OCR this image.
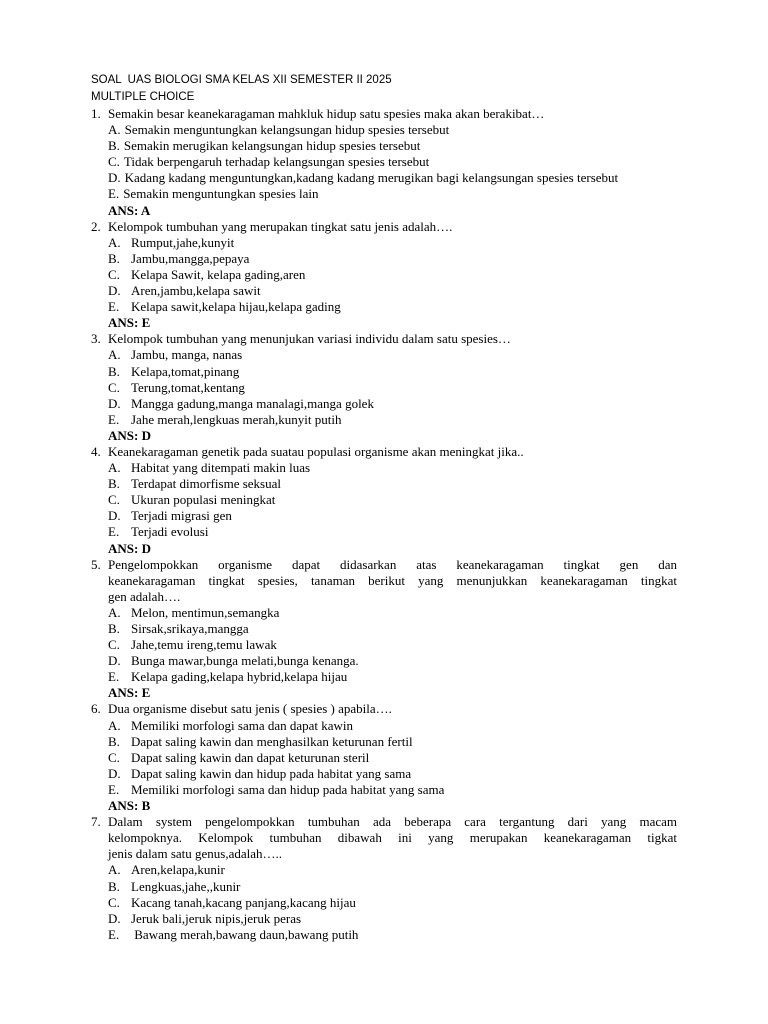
SOAL  UAS BIOLOGI SMA KELAS XII SEMESTER II 2025
MULTIPLE CHOICE
1. Semakin besar keanekaragaman mahkluk hidup satu spesies maka akan berakibat…
A. Semakin menguntungkan kelangsungan hidup spesies tersebut
B. Semakin merugikan kelangsungan hidup spesies tersebut
C. Tidak berpengaruh terhadap kelangsungan spesies tersebut
D. Kadang kadang menguntungkan,kadang kadang merugikan bagi kelangsungan spesies tersebut
E. Semakin menguntungkan spesies lain
ANS: A
2. Kelompok tumbuhan yang merupakan tingkat satu jenis adalah….
A. Rumput,jahe,kunyit
B. Jambu,mangga,pepaya
C. Kelapa Sawit, kelapa gading,aren
D. Aren,jambu,kelapa sawit
E. Kelapa sawit,kelapa hijau,kelapa gading
ANS: E
3. Kelompok tumbuhan yang menunjukan variasi individu dalam satu spesies…
A. Jambu, manga, nanas
B. Kelapa,tomat,pinang
C. Terung,tomat,kentang
D. Mangga gadung,manga manalagi,manga golek
E. Jahe merah,lengkuas merah,kunyit putih
ANS: D
4. Keanekaragaman genetik pada suatau populasi organisme akan meningkat jika..
A. Habitat yang ditempati makin luas
B. Terdapat dimorfisme seksual
C. Ukuran populasi meningkat
D. Terjadi migrasi gen
E. Terjadi evolusi
ANS: D
5. Pengelompokkan organisme dapat didasarkan atas keanekaragaman tingkat gen dan
keanekaragaman tingkat spesies, tanaman berikut yang menunjukkan keanekaragaman tingkat
gen adalah….
A. Melon, mentimun,semangka
B. Sirsak,srikaya,mangga
C. Jahe,temu ireng,temu lawak
D. Bunga mawar,bunga melati,bunga kenanga.
E. Kelapa gading,kelapa hybrid,kelapa hijau
ANS: E
6. Dua organisme disebut satu jenis ( spesies ) apabila….
A. Memiliki morfologi sama dan dapat kawin
B. Dapat saling kawin dan menghasilkan keturunan fertil
C. Dapat saling kawin dan dapat keturunan steril
D. Dapat saling kawin dan hidup pada habitat yang sama
E. Memiliki morfologi sama dan hidup pada habitat yang sama
ANS: B
7. Dalam system pengelompokkan tumbuhan ada beberapa cara tergantung dari yang macam
kelompoknya. Kelompok tumbuhan dibawah ini yang merupakan keanekaragaman tigkat
jenis dalam satu genus,adalah…..
A. Aren,kelapa,kunir
B. Lengkuas,jahe,,kunir
C. Kacang tanah,kacang panjang,kacang hijau
D. Jeruk bali,jeruk nipis,jeruk peras
E. Bawang merah,bawang daun,bawang putih
